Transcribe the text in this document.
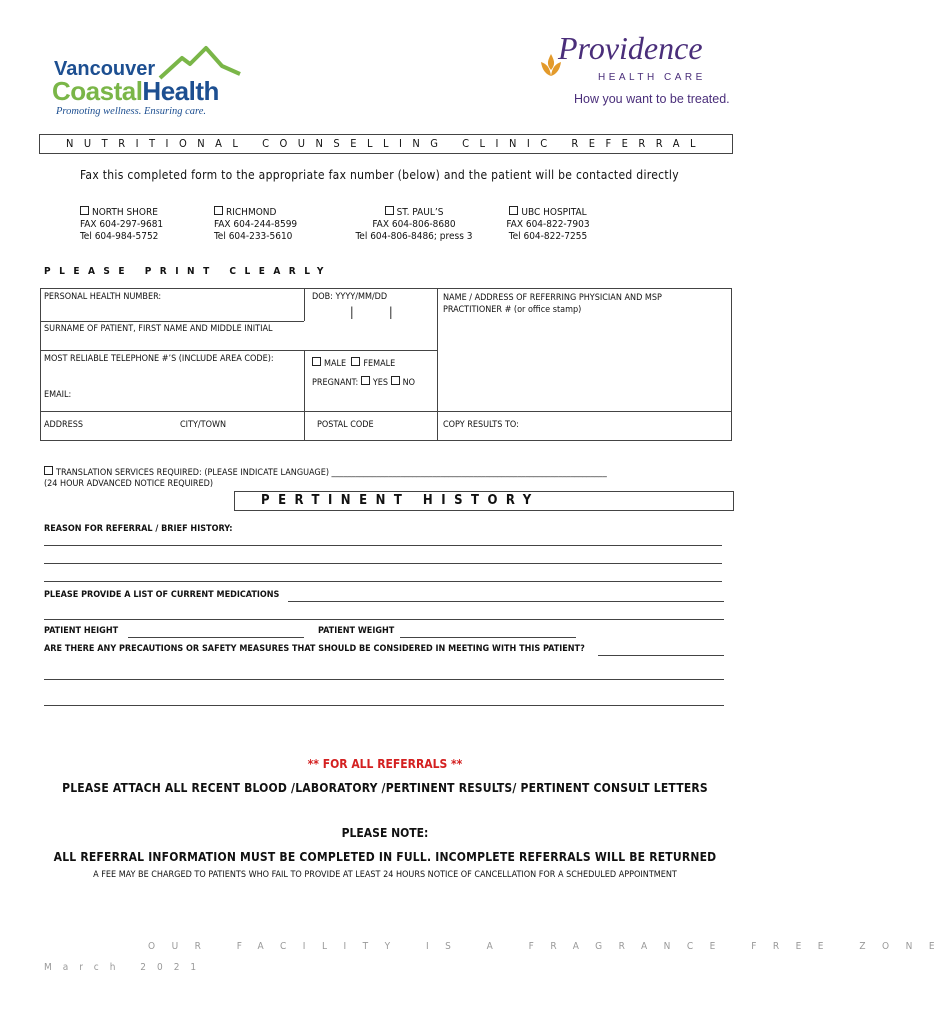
Vancouver
CoastalHealth
Promoting wellness. Ensuring care.
Providence
HEALTH CARE
How you want to be treated.
NUTRITIONAL COUNSELLING CLINIC REFERRAL
Fax this completed form to the appropriate fax number (below) and the patient will be contacted directly
NORTH SHORE
FAX 604-297-9681
Tel 604-984-5752
RICHMOND
FAX 604-244-8599
Tel 604-233-5610
ST. PAUL’S
FAX 604-806-8680
Tel 604-806-8486; press 3
UBC HOSPITAL
FAX 604-822-7903
Tel 604-822-7255
PLEASE PRINT CLEARLY
PERSONAL HEALTH NUMBER:	DOB: YYYY/MM/DD
|	|
NAME / ADDRESS OF REFERRING PHYSICIAN AND MSP PRACTITIONER # (or office stamp)
SURNAME OF PATIENT, FIRST NAME AND MIDDLE INITIAL
MOST RELIABLE TELEPHONE #’S (INCLUDE AREA CODE):	MALE FEMALE
PREGNANT: YES NO
EMAIL:
ADDRESS	CITY/TOWN	POSTAL CODE	COPY RESULTS TO:
TRANSLATION SERVICES REQUIRED: (PLEASE INDICATE LANGUAGE) ____________________________________________________________________
(24 HOUR ADVANCED NOTICE REQUIRED)
PERTINENT HISTORY
REASON FOR REFERRAL / BRIEF HISTORY:
PLEASE PROVIDE A LIST OF CURRENT MEDICATIONS
PATIENT HEIGHT	PATIENT WEIGHT
ARE THERE ANY PRECAUTIONS OR SAFETY MEASURES THAT SHOULD BE CONSIDERED IN MEETING WITH THIS PATIENT?
** FOR ALL REFERRALS **
PLEASE ATTACH ALL RECENT BLOOD /LABORATORY /PERTINENT RESULTS/ PERTINENT CONSULT LETTERS
PLEASE NOTE:
ALL REFERRAL INFORMATION MUST BE COMPLETED IN FULL. INCOMPLETE REFERRALS WILL BE RETURNED
A FEE MAY BE CHARGED TO PATIENTS WHO FAIL TO PROVIDE AT LEAST 24 HOURS NOTICE OF CANCELLATION FOR A SCHEDULED APPOINTMENT
OUR FACILITY IS A FRAGRANCE FREE ZONE
March 2021
